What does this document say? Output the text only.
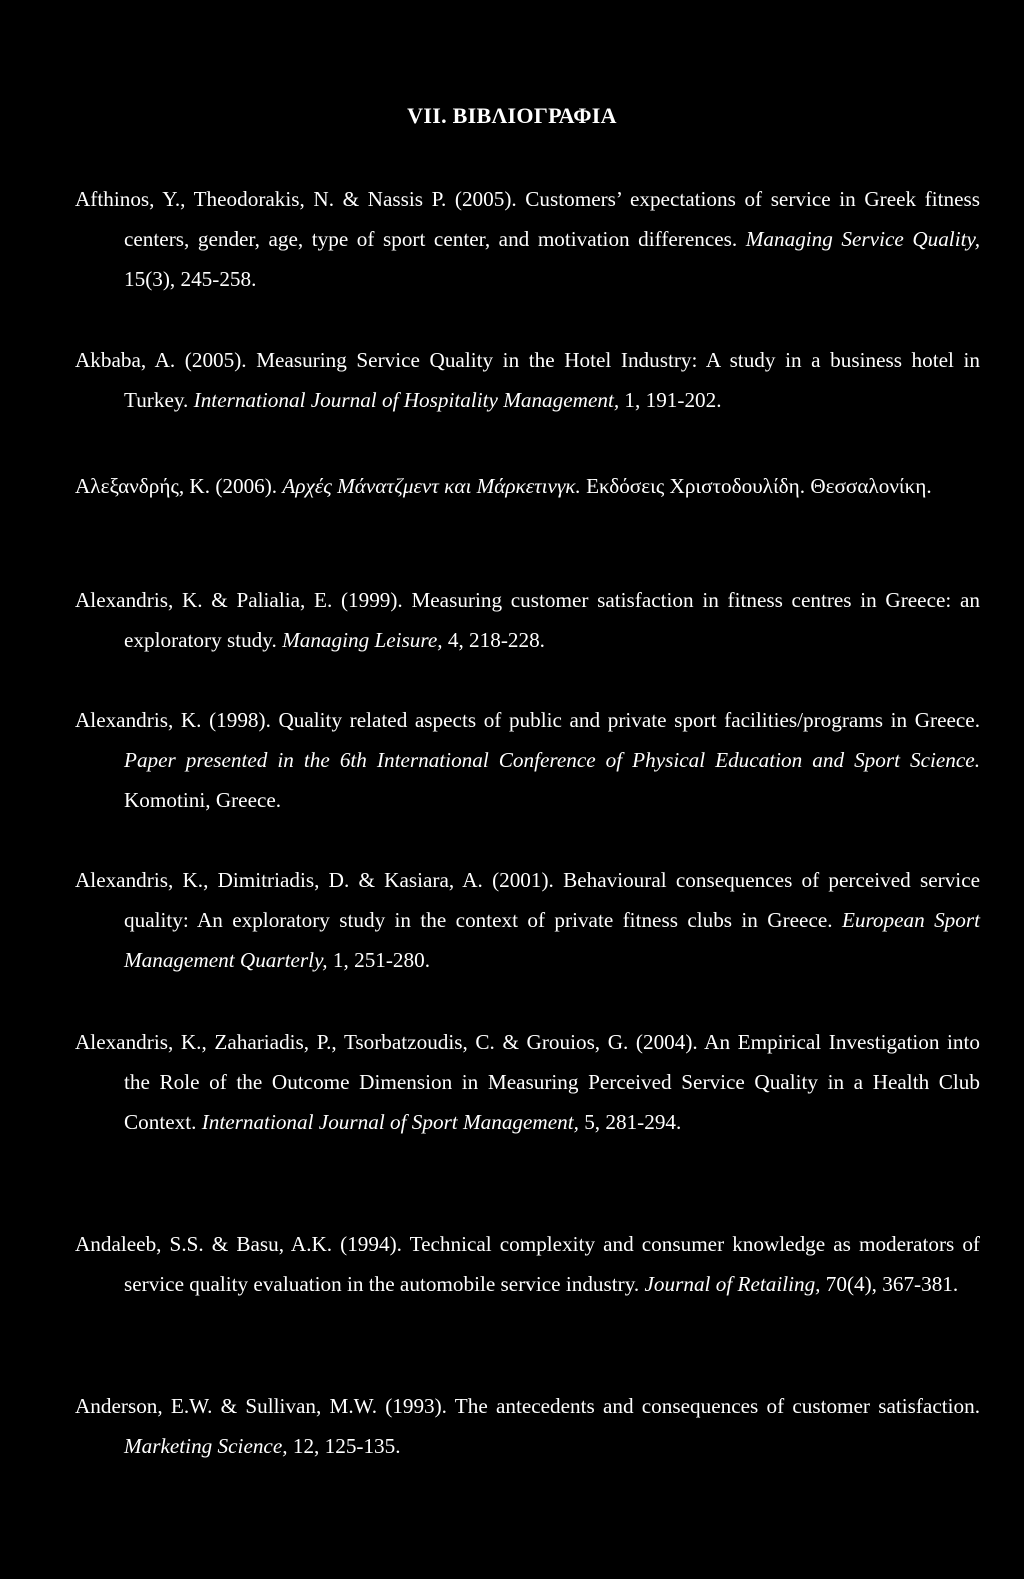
VII. ΒΙΒΛΙΟΓΡΑΦΙΑ

Afthinos, Y., Theodorakis, N. & Nassis P. (2005). Customers’ expectations of service in Greek fitness centers, gender, age, type of sport center, and motivation differences. Managing Service Quality, 15(3), 245-258.

Akbaba, A. (2005). Measuring Service Quality in the Hotel Industry: A study in a business hotel in Turkey. International Journal of Hospitality Management, 1, 191-202.

Αλεξανδρής, Κ. (2006). Αρχές Μάνατζμεντ και Μάρκετινγκ. Εκδόσεις Χριστοδουλίδη. Θεσσαλονίκη.

Alexandris, K. & Palialia, E. (1999). Measuring customer satisfaction in fitness centres in Greece: an exploratory study. Managing Leisure, 4, 218-228.

Alexandris, K. (1998). Quality related aspects of public and private sport facilities/programs in Greece. Paper presented in the 6th International Conference of Physical Education and Sport Science. Komotini, Greece.

Alexandris, K., Dimitriadis, D. & Kasiara, A. (2001). Behavioural consequences of perceived service quality: An exploratory study in the context of private fitness clubs in Greece. European Sport Management Quarterly, 1, 251-280.

Alexandris, K., Zahariadis, P., Tsorbatzoudis, C. & Grouios, G. (2004). An Empirical Investigation into the Role of the Outcome Dimension in Measuring Perceived Service Quality in a Health Club Context. International Journal of Sport Management, 5, 281-294.

Andaleeb, S.S. & Basu, A.K. (1994). Technical complexity and consumer knowledge as moderators of service quality evaluation in the automobile service industry. Journal of Retailing, 70(4), 367-381.

Anderson, E.W. & Sullivan, M.W. (1993). The antecedents and consequences of customer satisfaction. Marketing Science, 12, 125-135.
